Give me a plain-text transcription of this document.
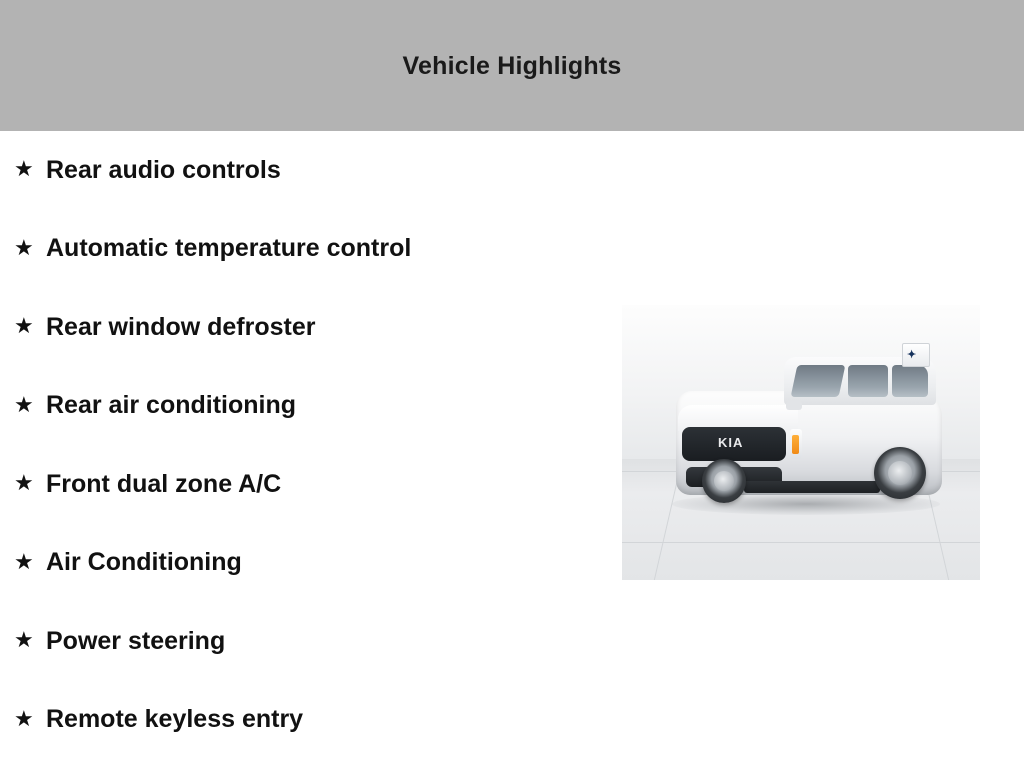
Vehicle Highlights
★ Rear audio controls
★ Automatic temperature control
★ Rear window defroster
★ Rear air conditioning
★ Front dual zone A/C
★ Air Conditioning
★ Power steering
★ Remote keyless entry
KIA
✦
